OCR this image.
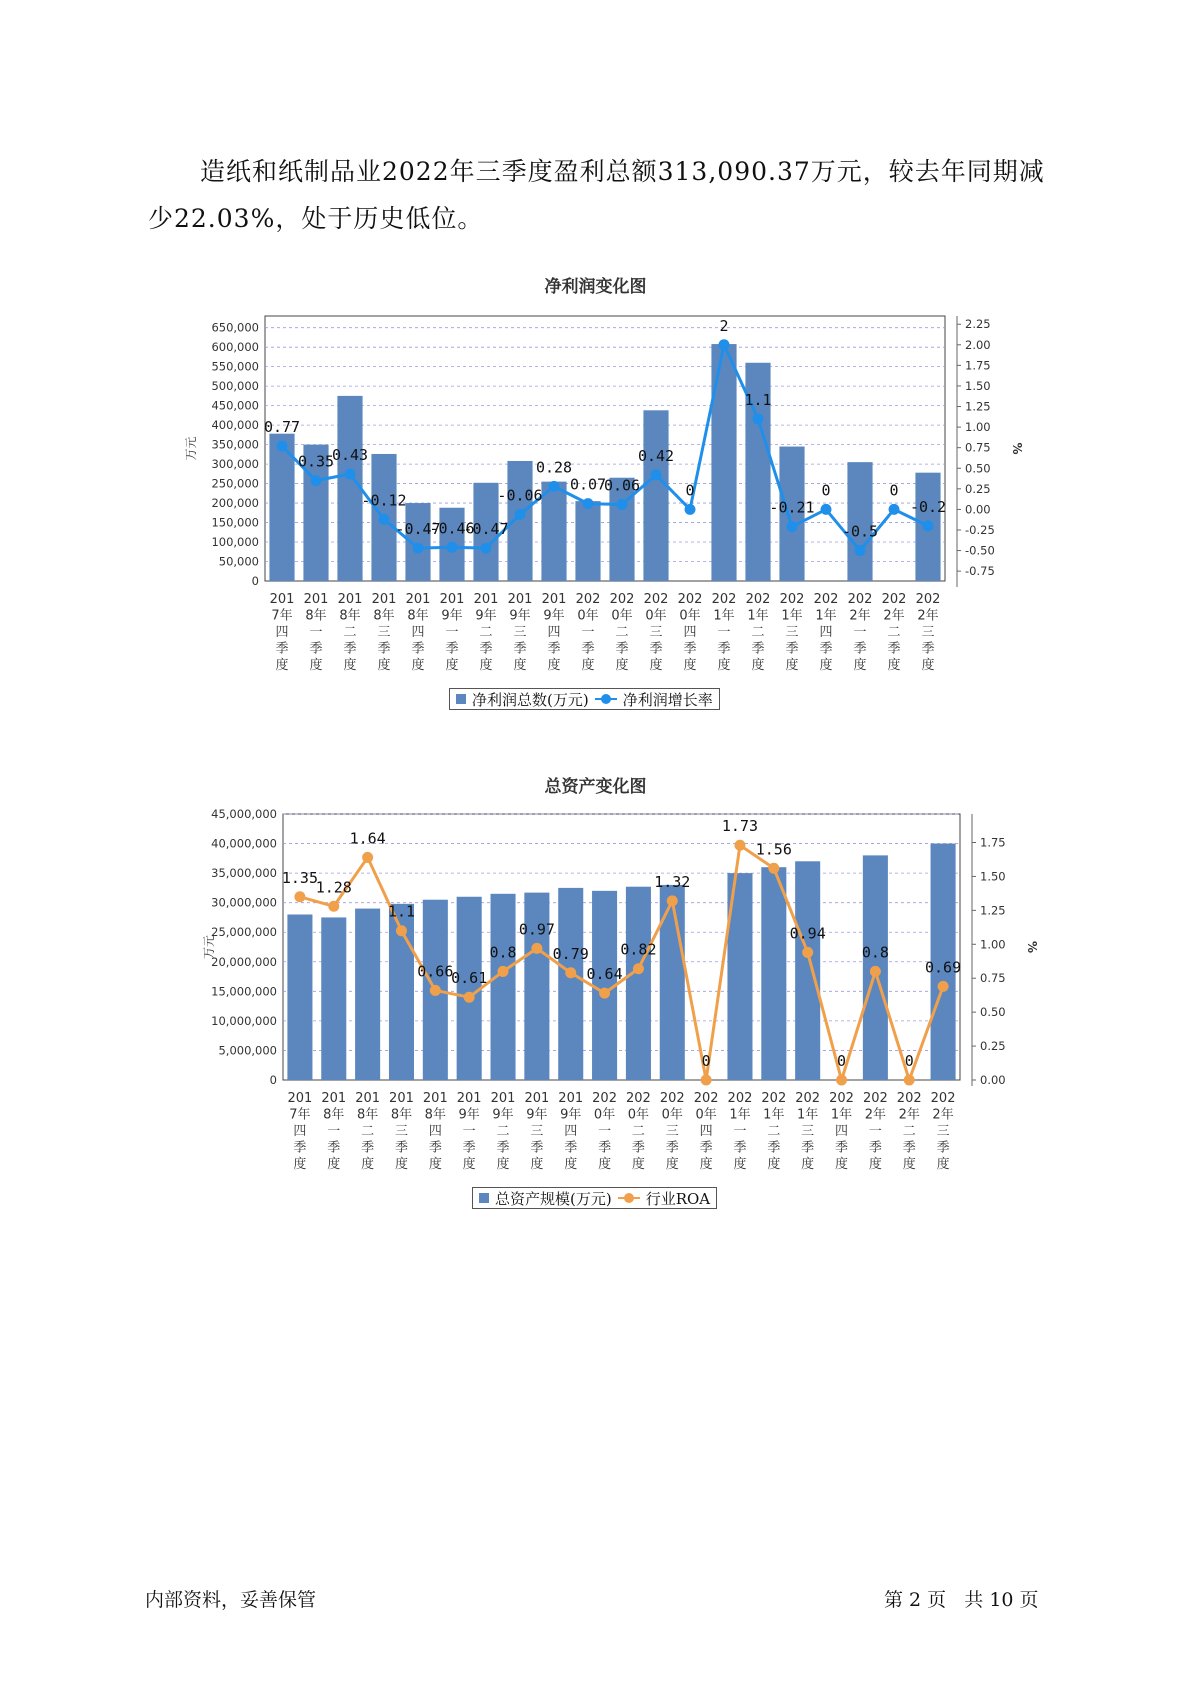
造纸和纸制品业2022年三季度盈利总额313,090.37万元，较去年同期减少22.03%，处于历史低位。

净利润变化图
0
50,000
100,000
150,000
200,000
250,000
300,000
350,000
400,000
450,000
500,000
550,000
600,000
650,000
-0.75
-0.50
-0.25
0.00
0.25
0.50
0.75
1.00
1.25
1.50
1.75
2.00
2.25
万元	%
0.77
0.35
0.43
-0.12
-0.47
-0.46
-0.47
-0.06
0.28
0.07
0.06
0.42
0
2
1.1
-0.21
0
-0.5
0
-0.2
201
7年
四
季
度
201
8年
一
季
度
201
8年
二
季
度
201
8年
三
季
度
201
8年
四
季
度
201
9年
一
季
度
201
9年
二
季
度
201
9年
三
季
度
201
9年
四
季
度
202
0年
一
季
度
202
0年
二
季
度
202
0年
三
季
度
202
0年
四
季
度
202
1年
一
季
度
202
1年
二
季
度
202
1年
三
季
度
202
1年
四
季
度
202
2年
一
季
度
202
2年
二
季
度
202
2年
三
季
度
净利润总数(万元) 净利润增长率
总资产变化图
0
5,000,000
10,000,000
15,000,000
20,000,000
25,000,000
30,000,000
35,000,000
40,000,000
45,000,000
0.00
0.25
0.50
0.75
1.00
1.25
1.50
1.75
万元	%
1.35
1.28
1.64
1.1
0.66
0.61
0.8
0.97
0.79
0.64
0.82
1.32
0
1.73
1.56
0.94
0
0.8
0
0.69
201
7年
四
季
度
201
8年
一
季
度
201
8年
二
季
度
201
8年
三
季
度
201
8年
四
季
度
201
9年
一
季
度
201
9年
二
季
度
201
9年
三
季
度
201
9年
四
季
度
202
0年
一
季
度
202
0年
二
季
度
202
0年
三
季
度
202
0年
四
季
度
202
1年
一
季
度
202
1年
二
季
度
202
1年
三
季
度
202
1年
四
季
度
202
2年
一
季
度
202
2年
二
季
度
202
2年
三
季
度
总资产规模(万元) 行业ROA
内部资料，妥善保管	第 2 页   共 10 页
